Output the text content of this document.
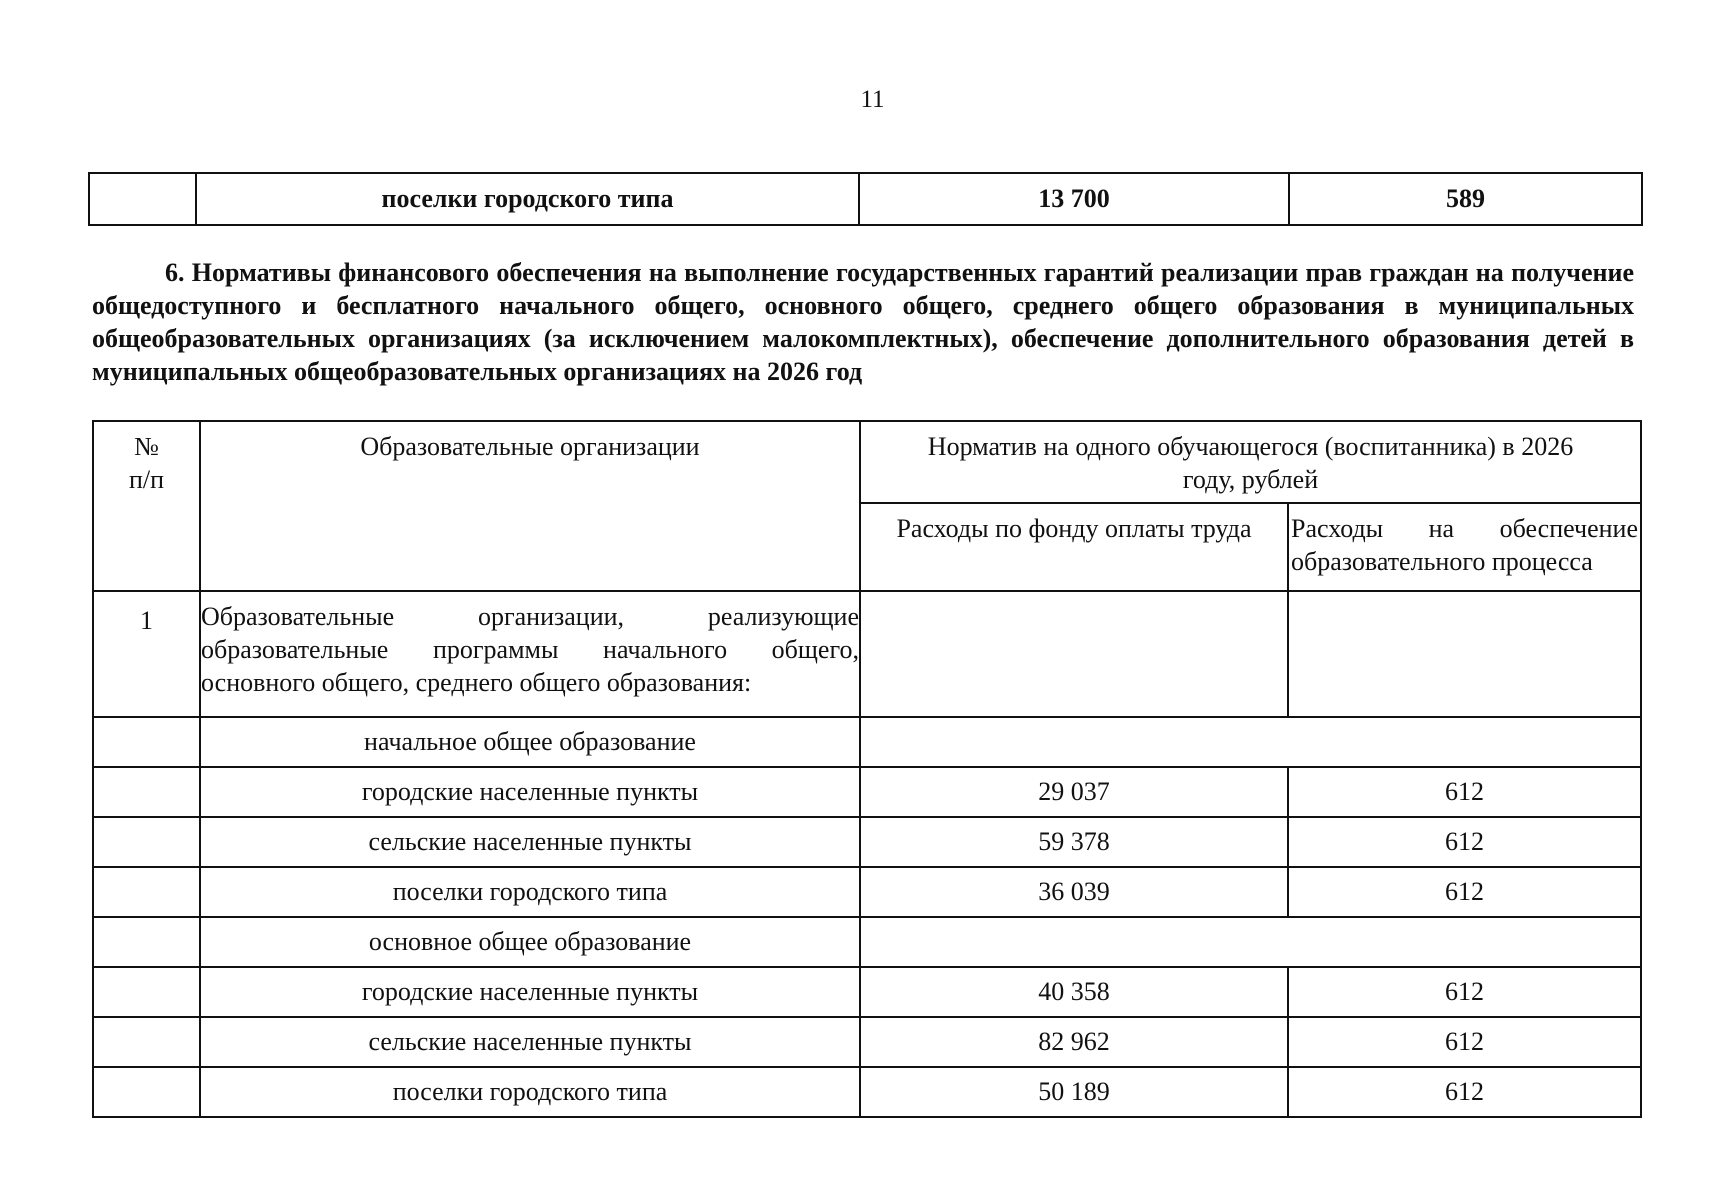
11
	поселки городского типа	13 700	589

6. Нормативы финансового обеспечения на выполнение государственных гарантий реализации прав граждан на получение общедоступного и бесплатного начального общего, основного общего, среднего общего образования в муниципальных общеобразовательных организациях (за исключением малокомплектных), обеспечение дополнительного образования детей в муниципальных общеобразовательных организациях на 2026 год

№ п/п	Образовательные организации	Норматив на одного обучающегося (воспитанника) в 2026 году, рублей	

		Расходы по фонду оплаты труда	Расходы на обеспечение образовательного процесса
1	Образовательные организации, реализующие образовательные программы начального общего, основного общего, среднего общего образования:		
	начальное общее образование		
	городские населенные пункты	29 037	612
	сельские населенные пункты	59 378	612
	поселки городского типа	36 039	612
	основное общее образование		
	городские населенные пункты	40 358	612
	сельские населенные пункты	82 962	612
	поселки городского типа	50 189	612
